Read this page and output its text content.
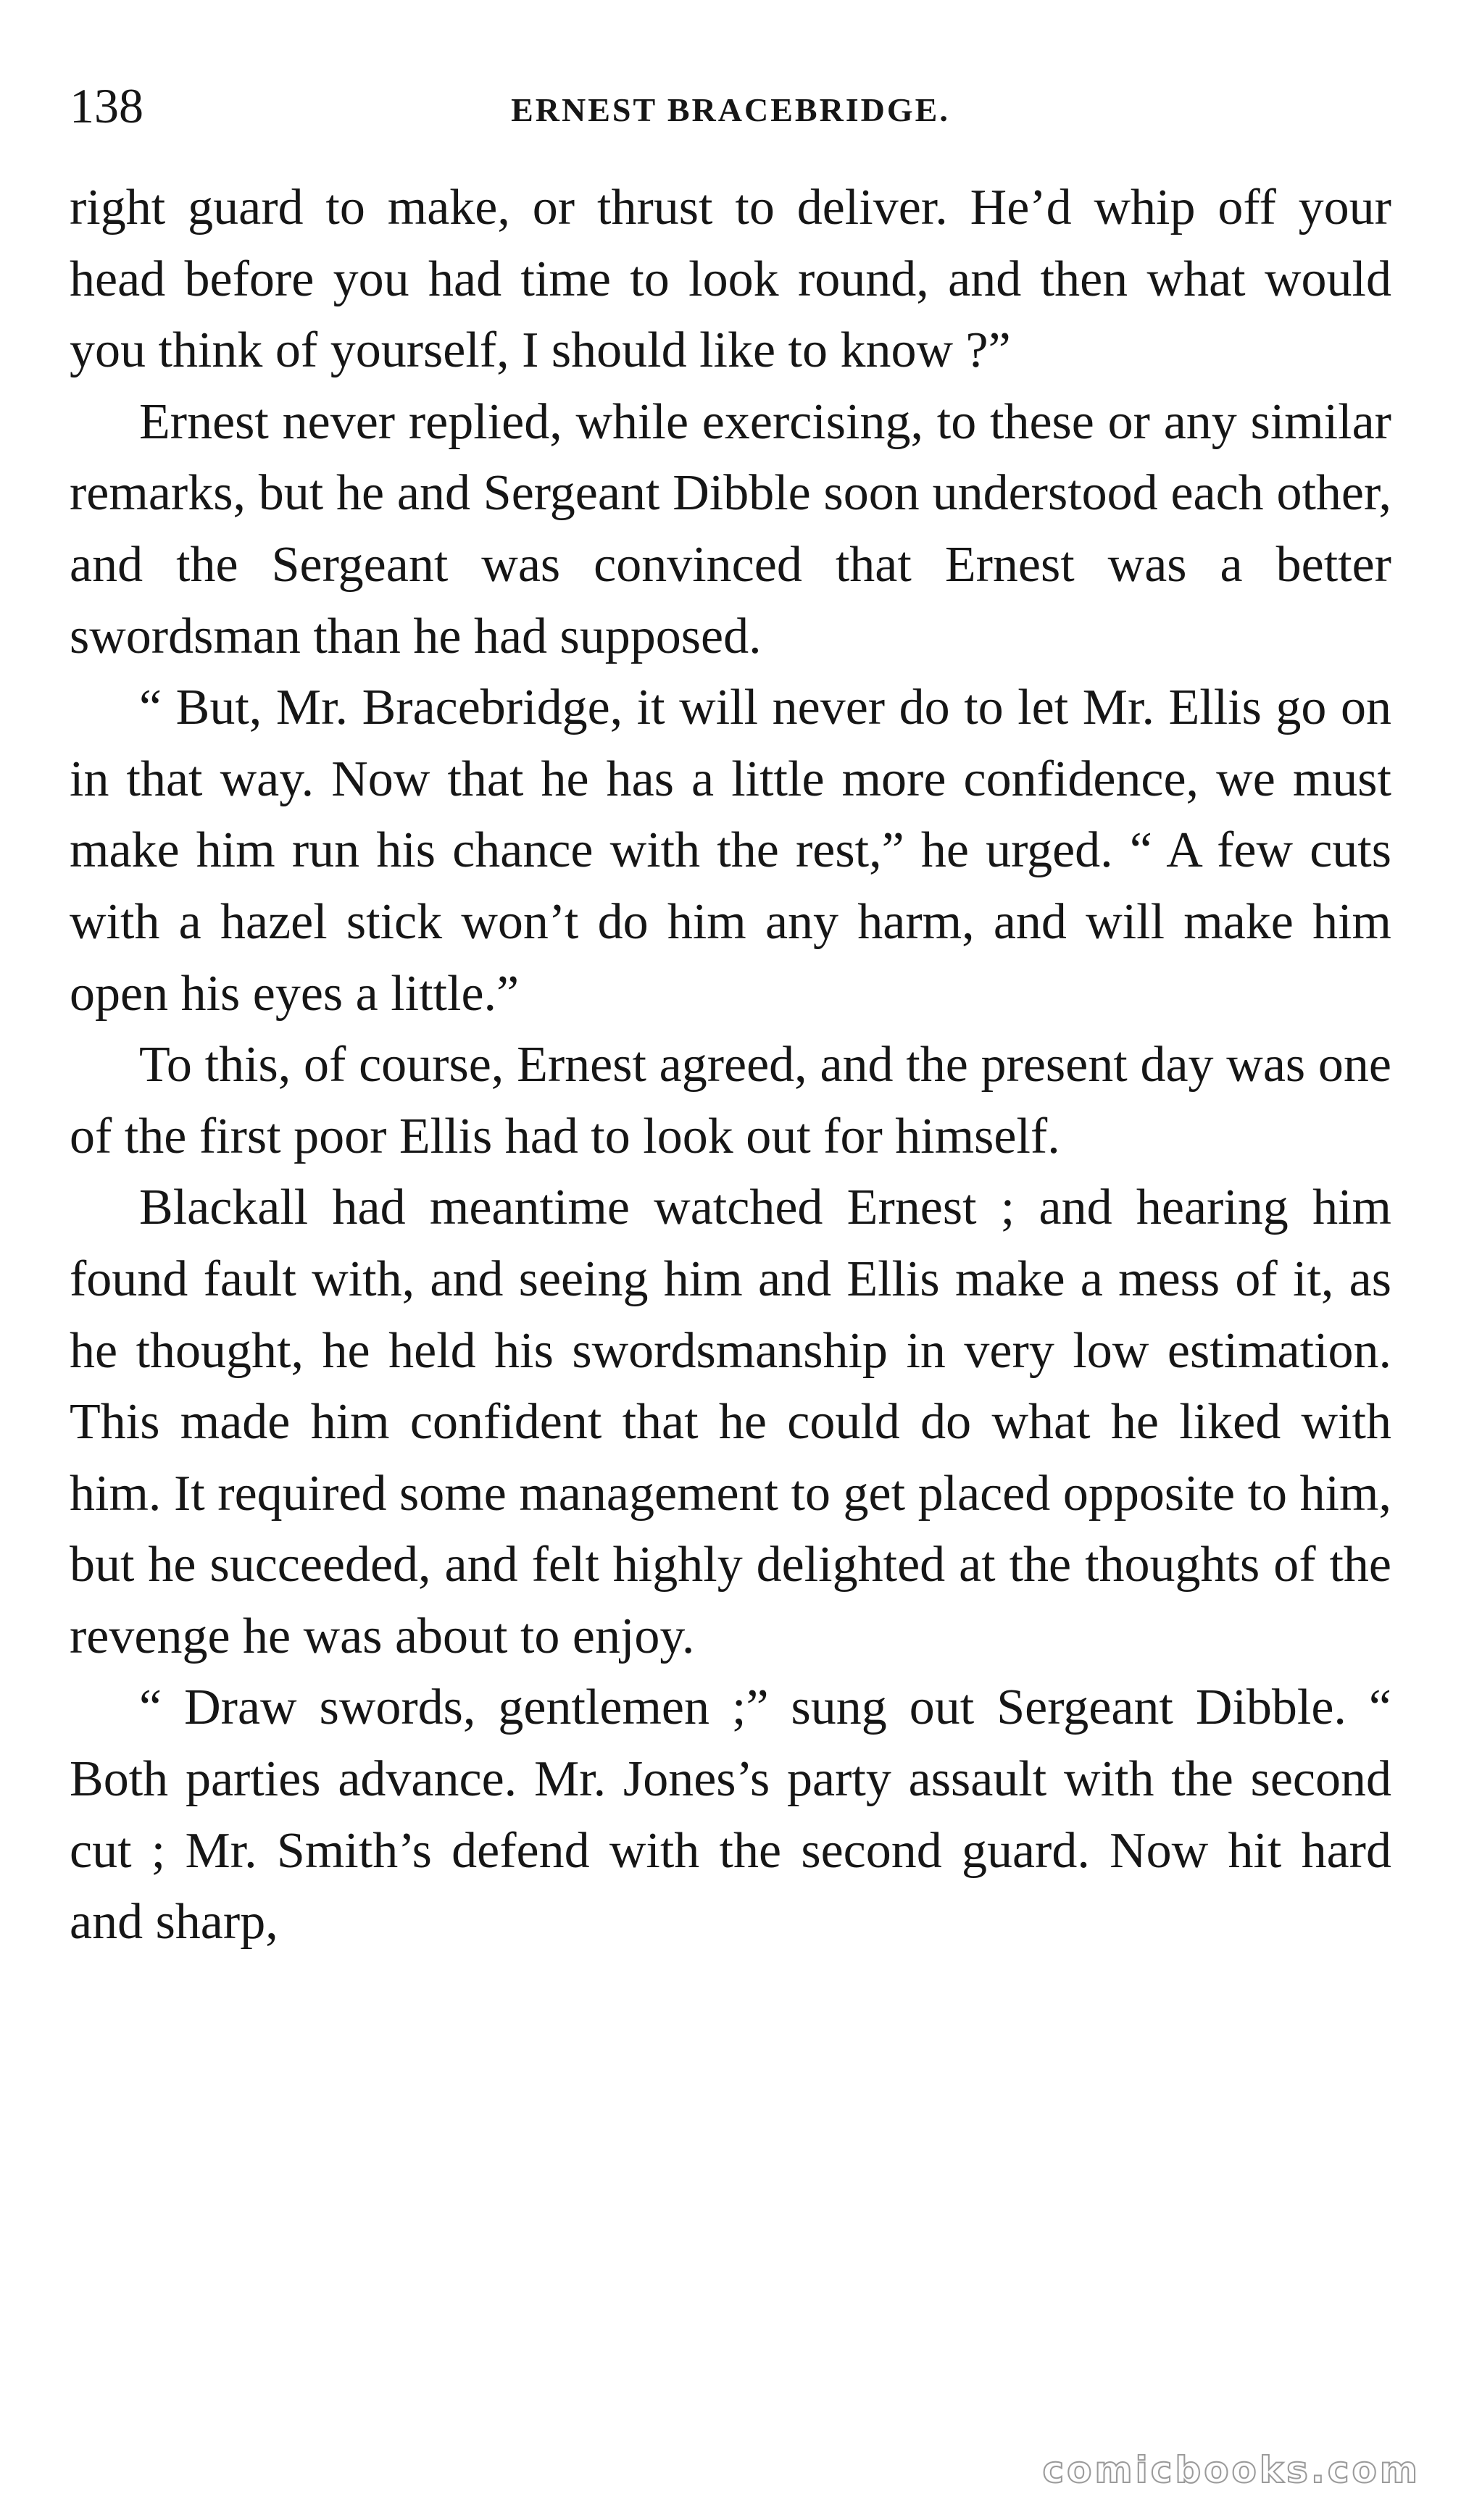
138	ERNEST BRACEBRIDGE.

right guard to make, or thrust to deliver. He’d whip off your head before you had time to look round, and then what would you think of yourself, I should like to know ?”

Ernest never replied, while exercising, to these or any similar remarks, but he and Sergeant Dibble soon understood each other, and the Sergeant was convinced that Ernest was a better swordsman than he had supposed.

“ But, Mr. Bracebridge, it will never do to let Mr. Ellis go on in that way. Now that he has a little more confidence, we must make him run his chance with the rest,” he urged. “ A few cuts with a hazel stick won’t do him any harm, and will make him open his eyes a little.”

To this, of course, Ernest agreed, and the present day was one of the first poor Ellis had to look out for himself.

Blackall had meantime watched Ernest ; and hearing him found fault with, and seeing him and Ellis make a mess of it, as he thought, he held his swordsmanship in very low estimation. This made him confident that he could do what he liked with him. It required some management to get placed opposite to him, but he succeeded, and felt highly delighted at the thoughts of the revenge he was about to enjoy.

“ Draw swords, gentlemen ;” sung out Sergeant Dibble. “ Both parties advance. Mr. Jones’s party assault with the second cut ; Mr. Smith’s defend with the second guard. Now hit hard and sharp,

comicbooks.com
